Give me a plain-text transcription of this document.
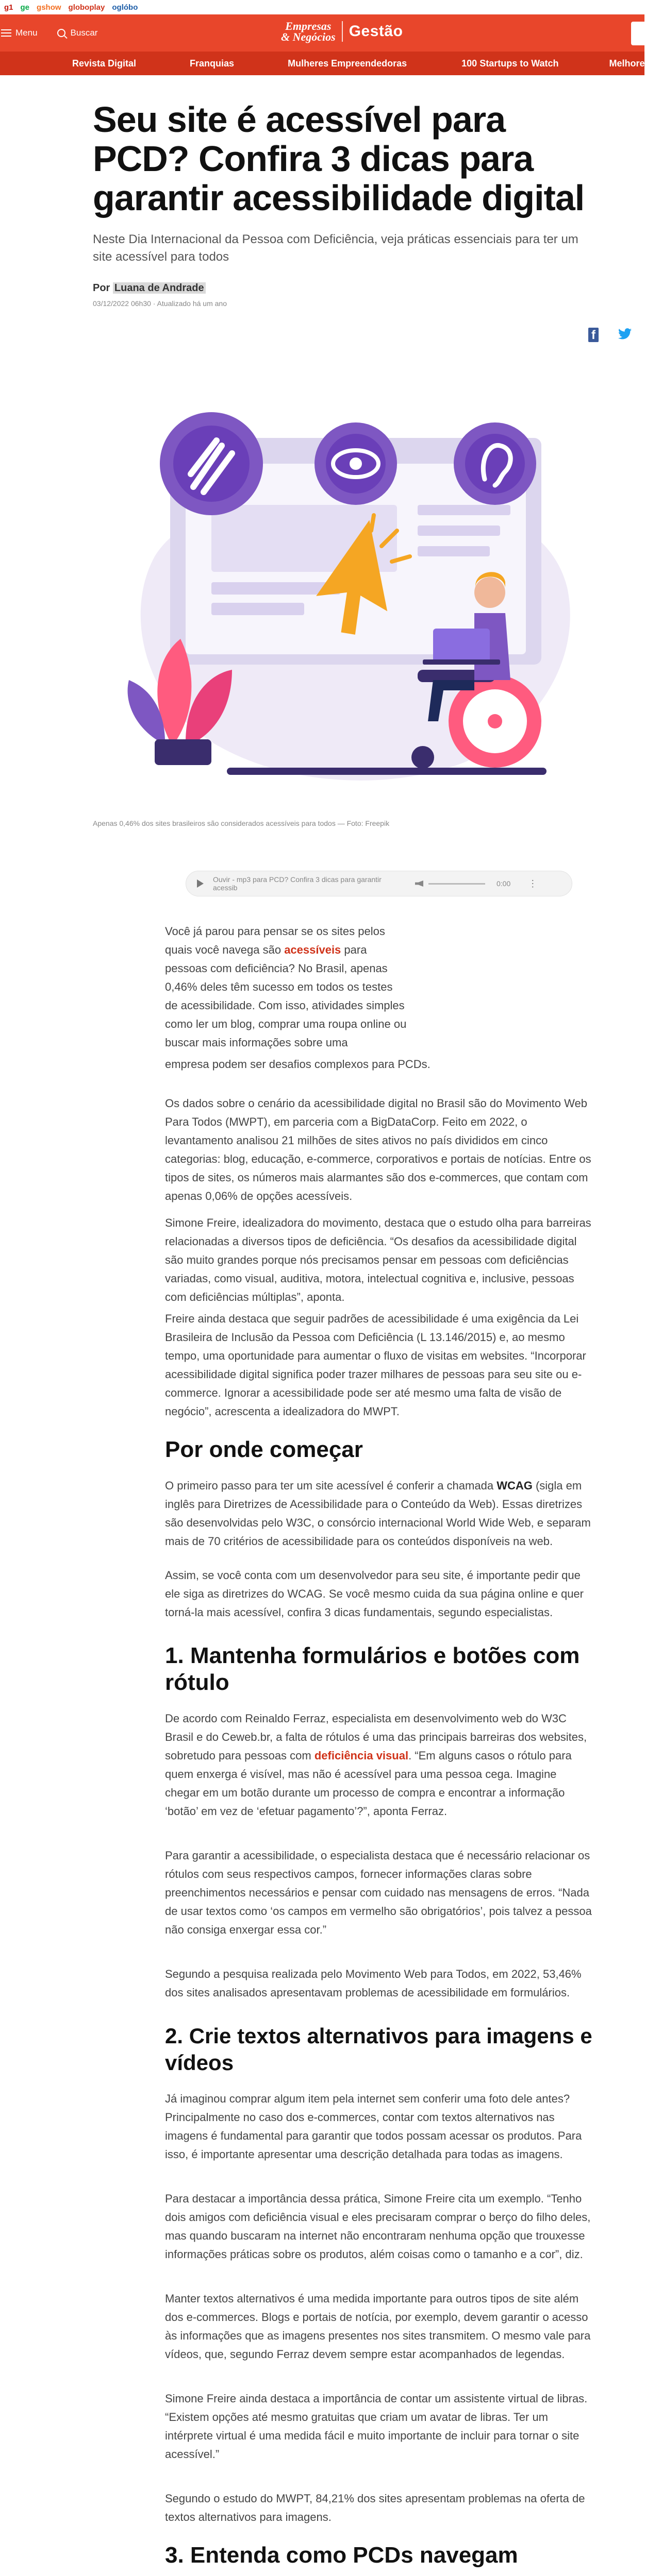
g1 ge gshow globoplay oglóbo
Menu	Buscar
Empresas
& Negócios Gestão
Revista Digital	Franquias	Mulheres Empreendedoras	100 Startups to Watch	Melhores Fr
Seu site é acessível para PCD? Confira 3 dicas para garantir acessibilidade digital

Neste Dia Internacional da Pessoa com Deficiência, veja práticas essenciais para ter um site acessível para todos

Por Luana de Andrade
03/12/2022 06h30 · Atualizado há um ano
f
Apenas 0,46% dos sites brasileiros são considerados acessíveis para todos — Foto: Freepik
Ouvir - mp3 para PCD? Confira 3 dicas para garantir acessib	0:00 ⋮

Você já parou para pensar se os sites pelos quais você navega são acessíveis para pessoas com deficiência? No Brasil, apenas 0,46% deles têm sucesso em todos os testes de acessibilidade. Com isso, atividades simples como ler um blog, comprar uma roupa online ou buscar mais informações sobre uma

empresa podem ser desafios complexos para PCDs.

Os dados sobre o cenário da acessibilidade digital no Brasil são do Movimento Web Para Todos (MWPT), em parceria com a BigDataCorp. Feito em 2022, o levantamento analisou 21 milhões de sites ativos no país divididos em cinco categorias: blog, educação, e-commerce, corporativos e portais de notícias. Entre os tipos de sites, os números mais alarmantes são dos e-commerces, que contam com apenas 0,06% de opções acessíveis.

Simone Freire, idealizadora do movimento, destaca que o estudo olha para barreiras relacionadas a diversos tipos de deficiência. “Os desafios da acessibilidade digital são muito grandes porque nós precisamos pensar em pessoas com deficiências variadas, como visual, auditiva, motora, intelectual cognitiva e, inclusive, pessoas com deficiências múltiplas”, aponta.

Freire ainda destaca que seguir padrões de acessibilidade é uma exigência da Lei Brasileira de Inclusão da Pessoa com Deficiência (L 13.146/2015) e, ao mesmo tempo, uma oportunidade para aumentar o fluxo de visitas em websites. “Incorporar acessibilidade digital significa poder trazer milhares de pessoas para seu site ou e-commerce. Ignorar a acessibilidade pode ser até mesmo uma falta de visão de negócio”, acrescenta a idealizadora do MWPT.

Por onde começar

O primeiro passo para ter um site acessível é conferir a chamada WCAG (sigla em inglês para Diretrizes de Acessibilidade para o Conteúdo da Web). Essas diretrizes são desenvolvidas pelo W3C, o consórcio internacional World Wide Web, e separam mais de 70 critérios de acessibilidade para os conteúdos disponíveis na web.

Assim, se você conta com um desenvolvedor para seu site, é importante pedir que ele siga as diretrizes do WCAG. Se você mesmo cuida da sua página online e quer torná-la mais acessível, confira 3 dicas fundamentais, segundo especialistas.

1. Mantenha formulários e botões com rótulo

De acordo com Reinaldo Ferraz, especialista em desenvolvimento web do W3C Brasil e do Ceweb.br, a falta de rótulos é uma das principais barreiras dos websites, sobretudo para pessoas com deficiência visual. “Em alguns casos o rótulo para quem enxerga é visível, mas não é acessível para uma pessoa cega. Imagine chegar em um botão durante um processo de compra e encontrar a informação ‘botão’ em vez de ‘efetuar pagamento’?”, aponta Ferraz.

Para garantir a acessibilidade, o especialista destaca que é necessário relacionar os rótulos com seus respectivos campos, fornecer informações claras sobre preenchimentos necessários e pensar com cuidado nas mensagens de erros. “Nada de usar textos como ‘os campos em vermelho são obrigatórios’, pois talvez a pessoa não consiga enxergar essa cor.”

Segundo a pesquisa realizada pelo Movimento Web para Todos, em 2022, 53,46% dos sites analisados apresentavam problemas de acessibilidade em formulários.

2. Crie textos alternativos para imagens e vídeos

Já imaginou comprar algum item pela internet sem conferir uma foto dele antes? Principalmente no caso dos e-commerces, contar com textos alternativos nas imagens é fundamental para garantir que todos possam acessar os produtos. Para isso, é importante apresentar uma descrição detalhada para todas as imagens.

Para destacar a importância dessa prática, Simone Freire cita um exemplo. “Tenho dois amigos com deficiência visual e eles precisaram comprar o berço do filho deles, mas quando buscaram na internet não encontraram nenhuma opção que trouxesse informações práticas sobre os produtos, além coisas como o tamanho e a cor”, diz.

Manter textos alternativos é uma medida importante para outros tipos de site além dos e-commerces. Blogs e portais de notícia, por exemplo, devem garantir o acesso às informações que as imagens presentes nos sites transmitem. O mesmo vale para vídeos, que, segundo Ferraz devem sempre estar acompanhados de legendas.

Simone Freire ainda destaca a importância de contar um assistente virtual de libras. “Existem opções até mesmo gratuitas que criam um avatar de libras. Ter um intérprete virtual é uma medida fácil e muito importante de incluir para tornar o site acessível.”

Segundo o estudo do MWPT, 84,21% dos sites apresentam problemas na oferta de textos alternativos para imagens.

3. Entenda como PCDs navegam
